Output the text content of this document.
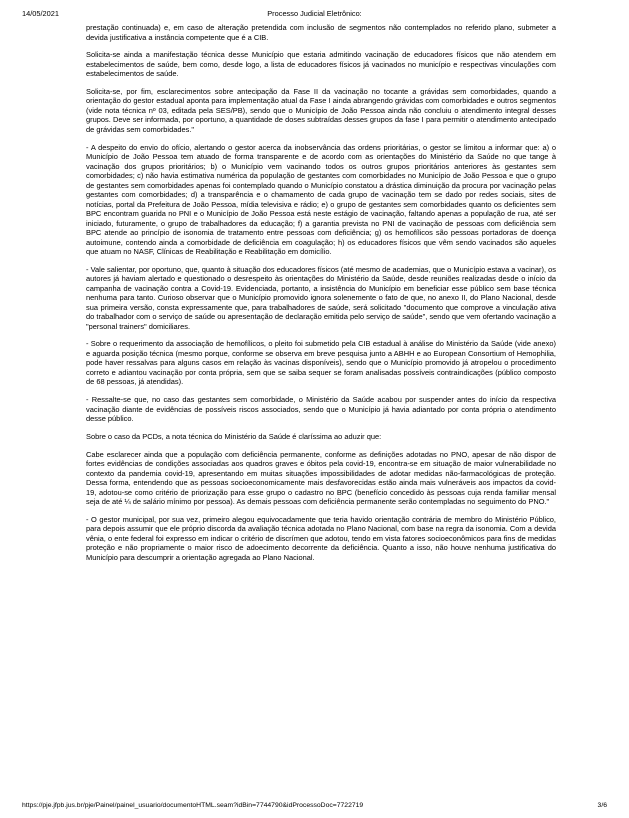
14/05/2021	Processo Judicial Eletrônico:

prestação continuada) e, em caso de alteração pretendida com inclusão de segmentos não contemplados no referido plano, submeter a devida justificativa a instância competente que é a CIB.

Solicita-se ainda a manifestação técnica desse Município que estaria admitindo vacinação de educadores físicos que não atendem em estabelecimentos de saúde, bem como, desde logo, a lista de educadores físicos já vacinados no município e respectivas vinculações com estabelecimentos de saúde.

Solicita-se, por fim, esclarecimentos sobre antecipação da Fase II da vacinação no tocante a grávidas sem comorbidades, quando a orientação do gestor estadual aponta para implementação atual da Fase I ainda abrangendo grávidas com comorbidades e outros segmentos (vide nota técnica nº 03, editada pela SES/PB), sendo que o Município de João Pessoa ainda não concluiu o atendimento integral desses grupos. Deve ser informada, por oportuno, a quantidade de doses subtraídas desses grupos da fase I para permitir o atendimento antecipado de grávidas sem comorbidades."

- A despeito do envio do ofício, alertando o gestor acerca da inobservância das ordens prioritárias, o gestor se limitou a informar que: a) o Município de João Pessoa tem atuado de forma transparente e de acordo com as orientações do Ministério da Saúde no que tange à vacinação dos grupos prioritários; b) o Município vem vacinando todos os outros grupos prioritários anteriores às gestantes sem comorbidades; c) não havia estimativa numérica da população de gestantes com comorbidades no Município de João Pessoa e que o grupo de gestantes sem comorbidades apenas foi contemplado quando o Município constatou a drástica diminuição da procura por vacinação pelas gestantes com comorbidades; d) a transparência e o chamamento de cada grupo de vacinação tem se dado por redes sociais, sites de notícias, portal da Prefeitura de João Pessoa, mídia televisiva e rádio; e) o grupo de gestantes sem comorbidades quanto os deficientes sem BPC encontram guarida no PNI e o Município de João Pessoa está neste estágio de vacinação, faltando apenas a população de rua, até ser iniciado, futuramente, o grupo de trabalhadores da educação; f) a garantia prevista no PNI de vacinação de pessoas com deficiência sem BPC atende ao princípio de isonomia de tratamento entre pessoas com deficiência; g) os hemofílicos são pessoas portadoras de doença autoimune, contendo ainda a comorbidade de deficiência em coagulação; h) os educadores físicos que vêm sendo vacinados são aqueles que atuam no NASF, Clínicas de Reabilitação e Reabilitação em domicílio.

- Vale salientar, por oportuno, que, quanto à situação dos educadores físicos (até mesmo de academias, que o Município estava a vacinar), os autores já haviam alertado e questionado o desrespeito às orientações do Ministério da Saúde, desde reuniões realizadas desde o início da campanha de vacinação contra a Covid-19. Evidenciada, portanto, a insistência do Município em beneficiar esse público sem base técnica nenhuma para tanto. Curioso observar que o Município promovido ignora solenemente o fato de que, no anexo II, do Plano Nacional, desde sua primeira versão, consta expressamente que, para trabalhadores de saúde, será solicitado "documento que comprove a vinculação ativa do trabalhador com o serviço de saúde ou apresentação de declaração emitida pelo serviço de saúde", sendo que vem ofertando vacinação a "personal trainers" domiciliares.

- Sobre o requerimento da associação de hemofílicos, o pleito foi submetido pela CIB estadual à análise do Ministério da Saúde (vide anexo) e aguarda posição técnica (mesmo porque, conforme se observa em breve pesquisa junto a ABHH e ao European Consortium of Hemophilia, pode haver ressalvas para alguns casos em relação às vacinas disponíveis), sendo que o Município promovido já atropelou o procedimento correto e adiantou vacinação por conta própria, sem que se saiba sequer se foram analisadas possíveis contraindicações (público composto de 68 pessoas, já atendidas).

- Ressalte-se que, no caso das gestantes sem comorbidade, o Ministério da Saúde acabou por suspender antes do início da respectiva vacinação diante de evidências de possíveis riscos associados, sendo que o Município já havia adiantado por conta própria o atendimento desse público.

Sobre o caso da PCDs, a nota técnica do Ministério da Saúde é claríssima ao aduzir que:

Cabe esclarecer ainda que a população com deficiência permanente, conforme as definições adotadas no PNO, apesar de não dispor de fortes evidências de condições associadas aos quadros graves e óbitos pela covid-19, encontra-se em situação de maior vulnerabilidade no contexto da pandemia covid-19, apresentando em muitas situações impossibilidades de adotar medidas não-farmacológicas de proteção. Dessa forma, entendendo que as pessoas socioeconomicamente mais desfavorecidas estão ainda mais vulneráveis aos impactos da covid-19, adotou-se como critério de priorização para esse grupo o cadastro no BPC (benefício concedido às pessoas cuja renda familiar mensal seja de até ¼ de salário mínimo por pessoa). As demais pessoas com deficiência permanente serão contempladas no seguimento do PNO."

- O gestor municipal, por sua vez, primeiro alegou equivocadamente que teria havido orientação contrária de membro do Ministério Público, para depois assumir que ele próprio discorda da avaliação técnica adotada no Plano Nacional, com base na regra da isonomia. Com a devida vênia, o ente federal foi expresso em indicar o critério de discrímen que adotou, tendo em vista fatores socioeconômicos para fins de medidas proteção e não propriamente o maior risco de adoecimento decorrente da deficiência. Quanto a isso, não houve nenhuma justificativa do Município para descumprir a orientação agregada ao Plano Nacional.

https://pje.jfpb.jus.br/pje/Painel/painel_usuario/documentoHTML.seam?idBin=7744790&idProcessoDoc=7722719	3/6
